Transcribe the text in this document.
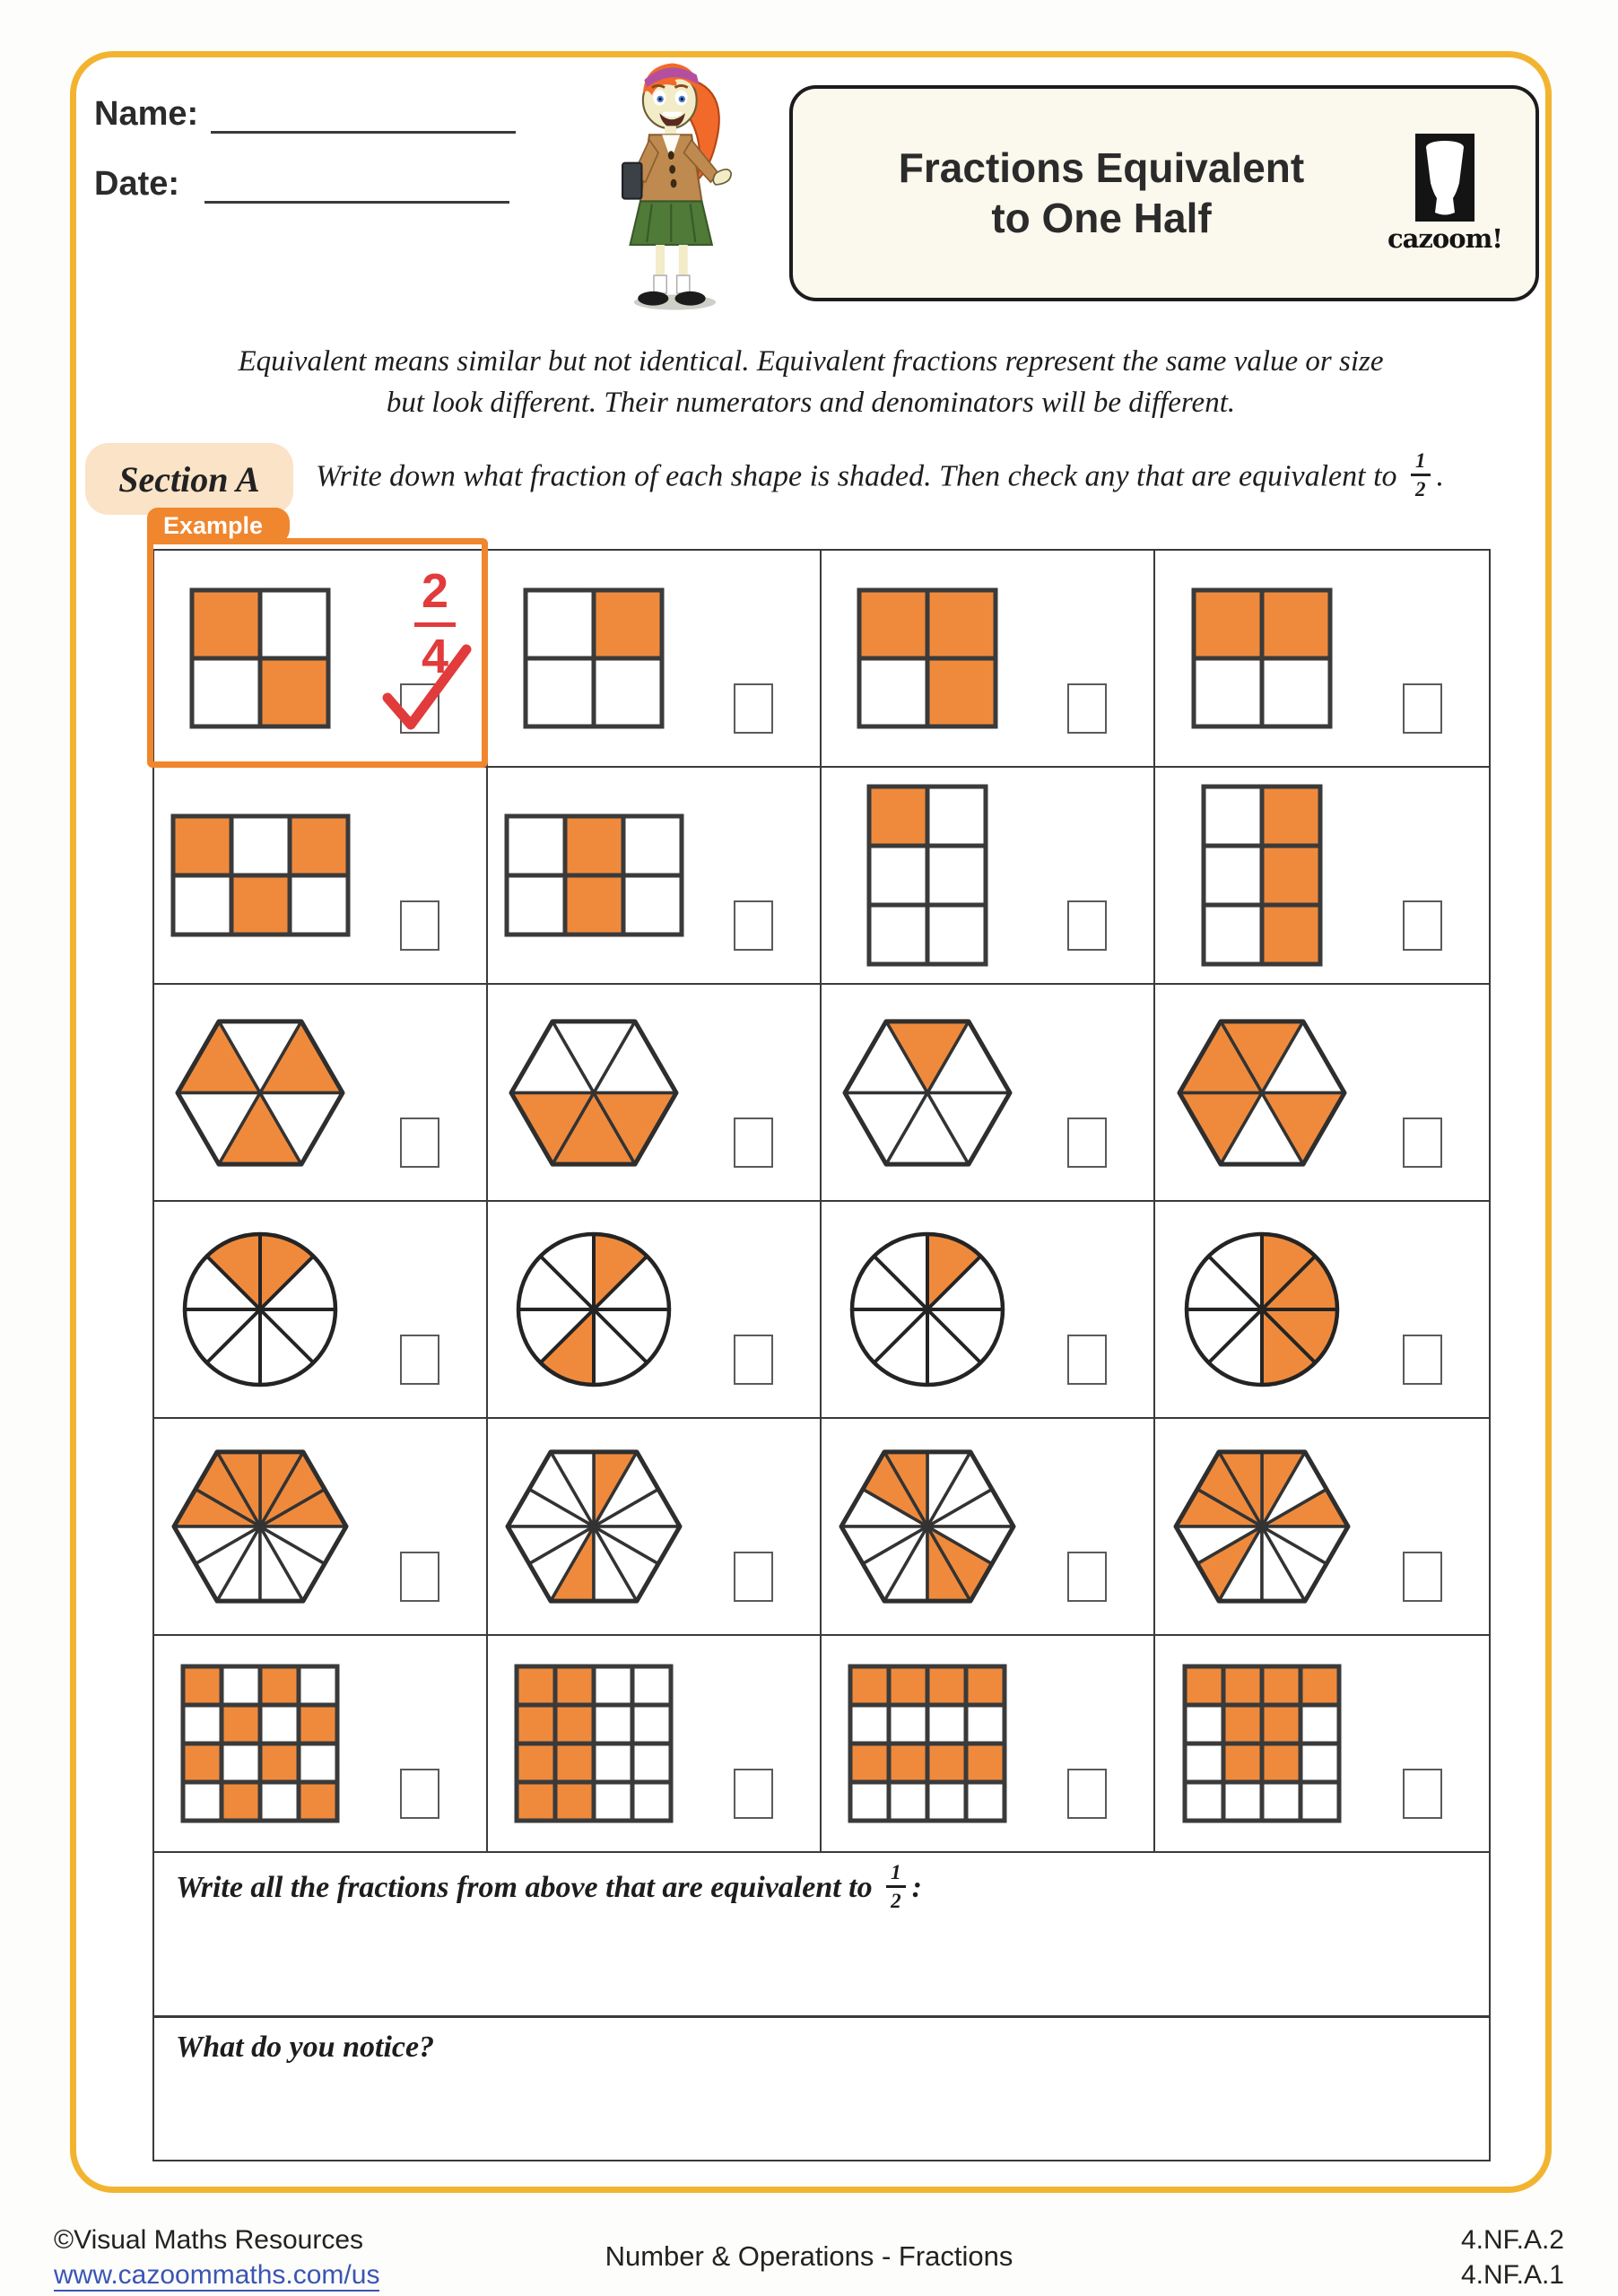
Name:
Date:	Fractions Equivalent
to One Half	cazoom!
Equivalent means similar but not identical. Equivalent fractions represent the same value or size
but look different. Their numerators and denominators will be different.
Section A	Write down what fraction of each shape is shaded. Then check any that are equivalent to $\frac{1}{2}$ .
Example
$\frac{2}{4}$
Write all the fractions from above that are equivalent to $\frac{1}{2}$ :
What do you notice?
©Visual Maths Resources
www.cazoommaths.com/us
Number & Operations - Fractions
4.NF.A.2
4.NF.A.1
